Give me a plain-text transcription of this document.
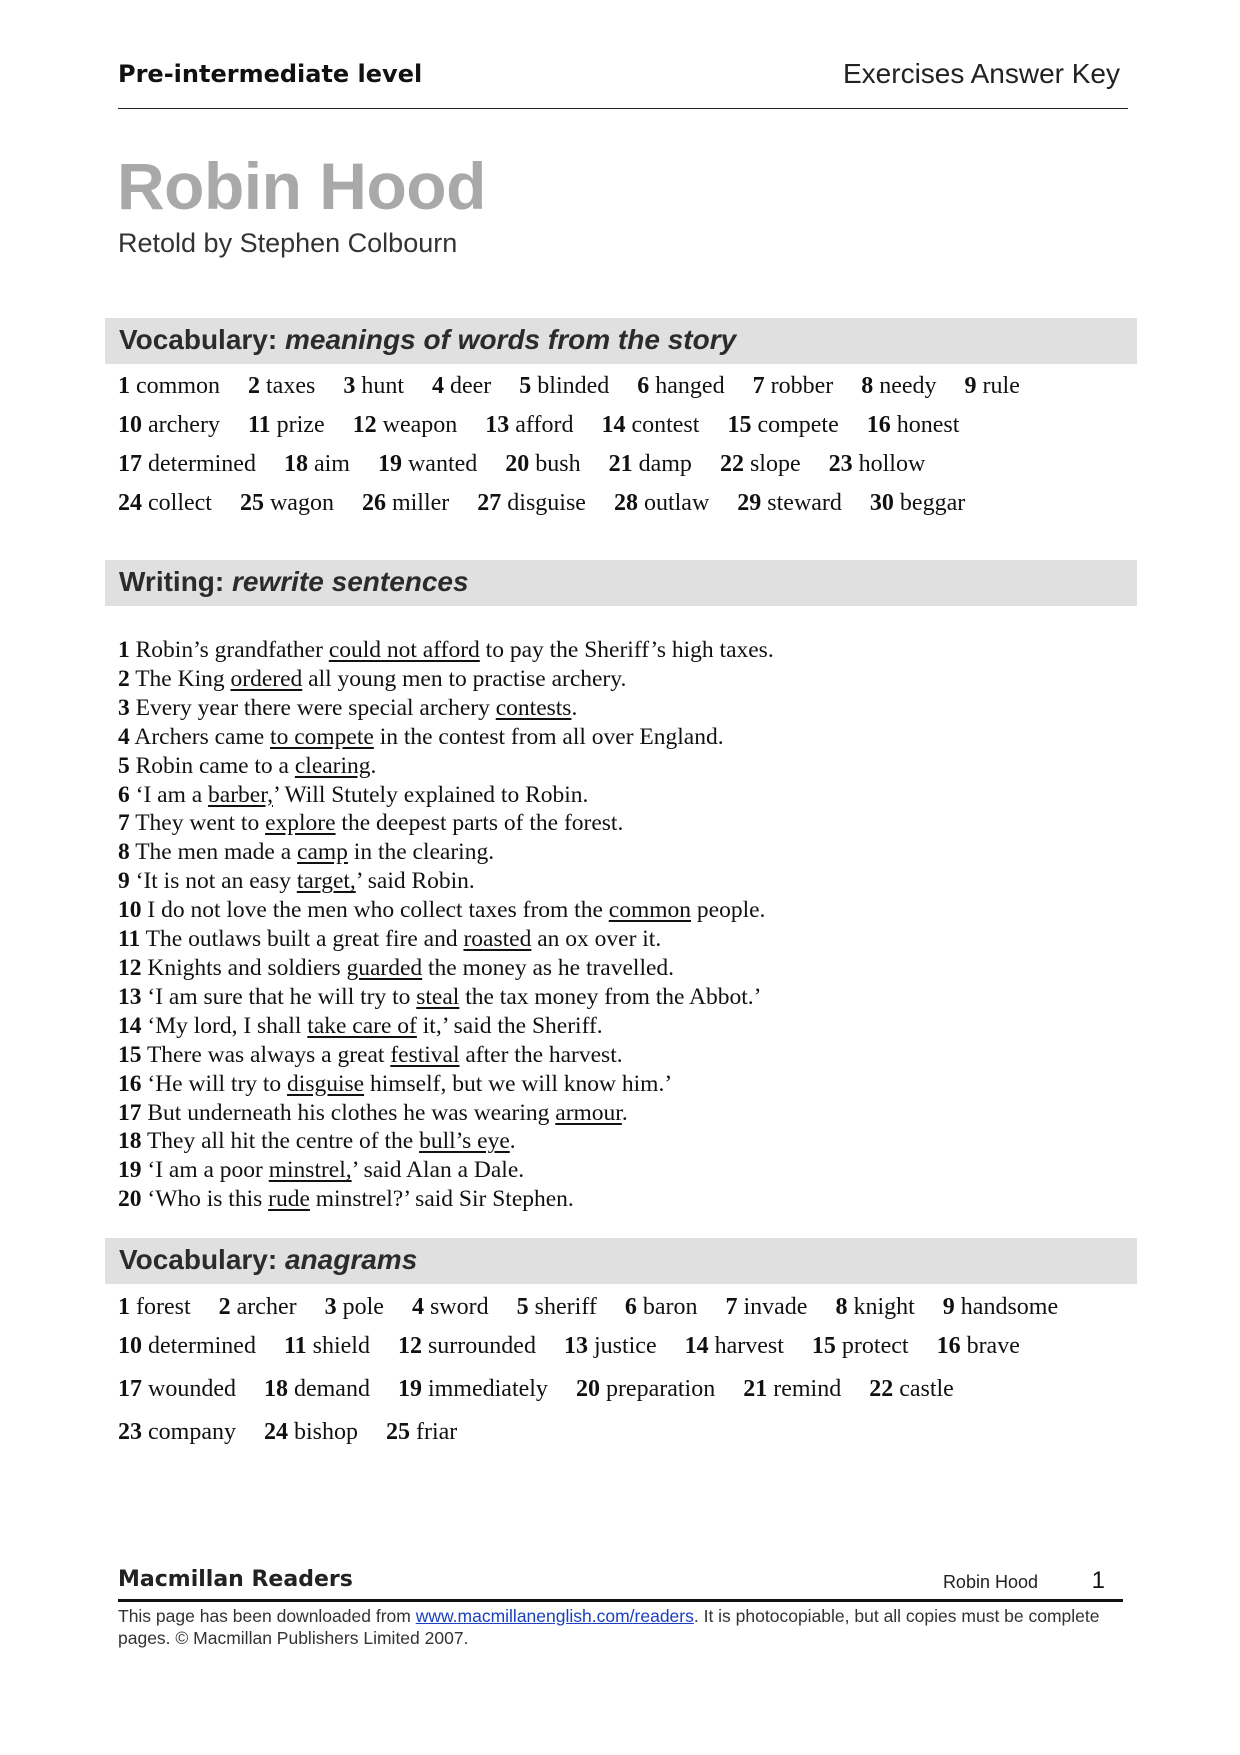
Pre-intermediate level	Exercises Answer Key
Robin Hood
Retold by Stephen Colbourn
Vocabulary: meanings of words from the story
1 common 2 taxes 3 hunt 4 deer 5 blinded 6 hanged 7 robber 8 needy 9 rule
10 archery 11 prize 12 weapon 13 afford 14 contest 15 compete 16 honest
17 determined 18 aim 19 wanted 20 bush 21 damp 22 slope 23 hollow
24 collect 25 wagon 26 miller 27 disguise 28 outlaw 29 steward 30 beggar
Writing: rewrite sentences
1 Robin’s grandfather could not afford to pay the Sheriff’s high taxes.
2 The King ordered all young men to practise archery.
3 Every year there were special archery contests.
4 Archers came to compete in the contest from all over England.
5 Robin came to a clearing.
6 ‘I am a barber,’ Will Stutely explained to Robin.
7 They went to explore the deepest parts of the forest.
8 The men made a camp in the clearing.
9 ‘It is not an easy target,’ said Robin.
10 I do not love the men who collect taxes from the common people.
11 The outlaws built a great fire and roasted an ox over it.
12 Knights and soldiers guarded the money as he travelled.
13 ‘I am sure that he will try to steal the tax money from the Abbot.’
14 ‘My lord, I shall take care of it,’ said the Sheriff.
15 There was always a great festival after the harvest.
16 ‘He will try to disguise himself, but we will know him.’
17 But underneath his clothes he was wearing armour.
18 They all hit the centre of the bull’s eye.
19 ‘I am a poor minstrel,’ said Alan a Dale.
20 ‘Who is this rude minstrel?’ said Sir Stephen.
Vocabulary: anagrams
1 forest 2 archer 3 pole 4 sword 5 sheriff 6 baron 7 invade 8 knight 9 handsome
10 determined 11 shield 12 surrounded 13 justice 14 harvest 15 protect 16 brave
17 wounded 18 demand 19 immediately 20 preparation 21 remind 22 castle
23 company 24 bishop 25 friar
Macmillan Readers	Robin Hood 1
This page has been downloaded from www.macmillanenglish.com/readers. It is photocopiable, but all copies must be complete pages. © Macmillan Publishers Limited 2007.
